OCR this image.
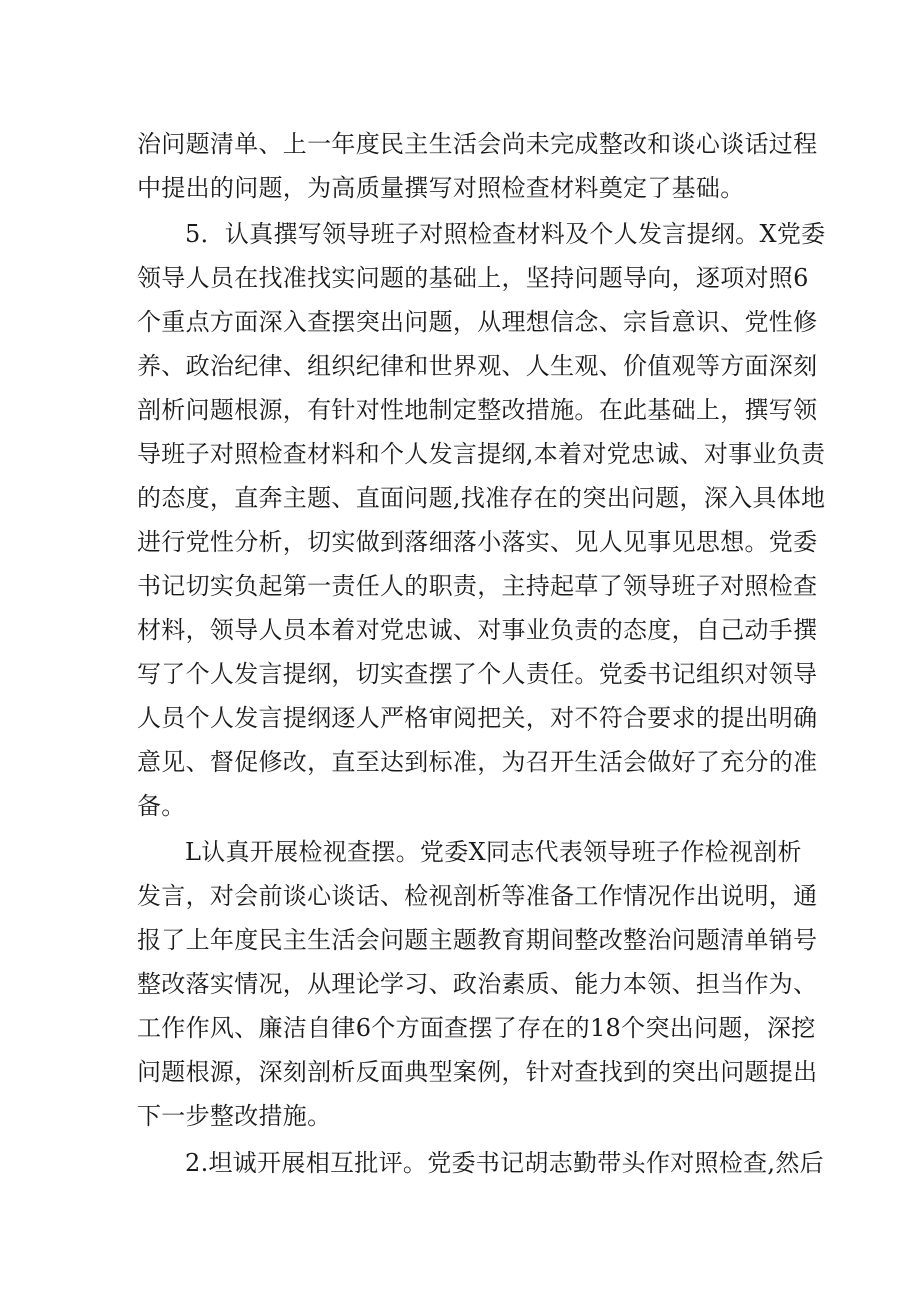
治问题清单、上一年度民主生活会尚未完成整改和谈心谈话过程
中提出的问题，为高质量撰写对照检查材料奠定了基础。
5．认真撰写领导班子对照检查材料及个人发言提纲。X党委
领导人员在找准找实问题的基础上，坚持问题导向，逐项对照6
个重点方面深入查摆突出问题，从理想信念、宗旨意识、党性修
养、政治纪律、组织纪律和世界观、人生观、价值观等方面深刻
剖析问题根源，有针对性地制定整改措施。在此基础上，撰写领
导班子对照检查材料和个人发言提纲,本着对党忠诚、对事业负责
的态度，直奔主题、直面问题,找准存在的突出问题，深入具体地
进行党性分析，切实做到落细落小落实、见人见事见思想。党委
书记切实负起第一责任人的职责，主持起草了领导班子对照检查
材料，领导人员本着对党忠诚、对事业负责的态度，自己动手撰
写了个人发言提纲，切实查摆了个人责任。党委书记组织对领导
人员个人发言提纲逐人严格审阅把关，对不符合要求的提出明确
意见、督促修改，直至达到标准，为召开生活会做好了充分的准
备。
L认真开展检视查摆。党委X同志代表领导班子作检视剖析
发言，对会前谈心谈话、检视剖析等准备工作情况作出说明，通
报了上年度民主生活会问题主题教育期间整改整治问题清单销号
整改落实情况，从理论学习、政治素质、能力本领、担当作为、
工作作风、廉洁自律6个方面查摆了存在的18个突出问题，深挖
问题根源，深刻剖析反面典型案例，针对查找到的突出问题提出
下一步整改措施。
2.坦诚开展相互批评。党委书记胡志勤带头作对照检查,然后
